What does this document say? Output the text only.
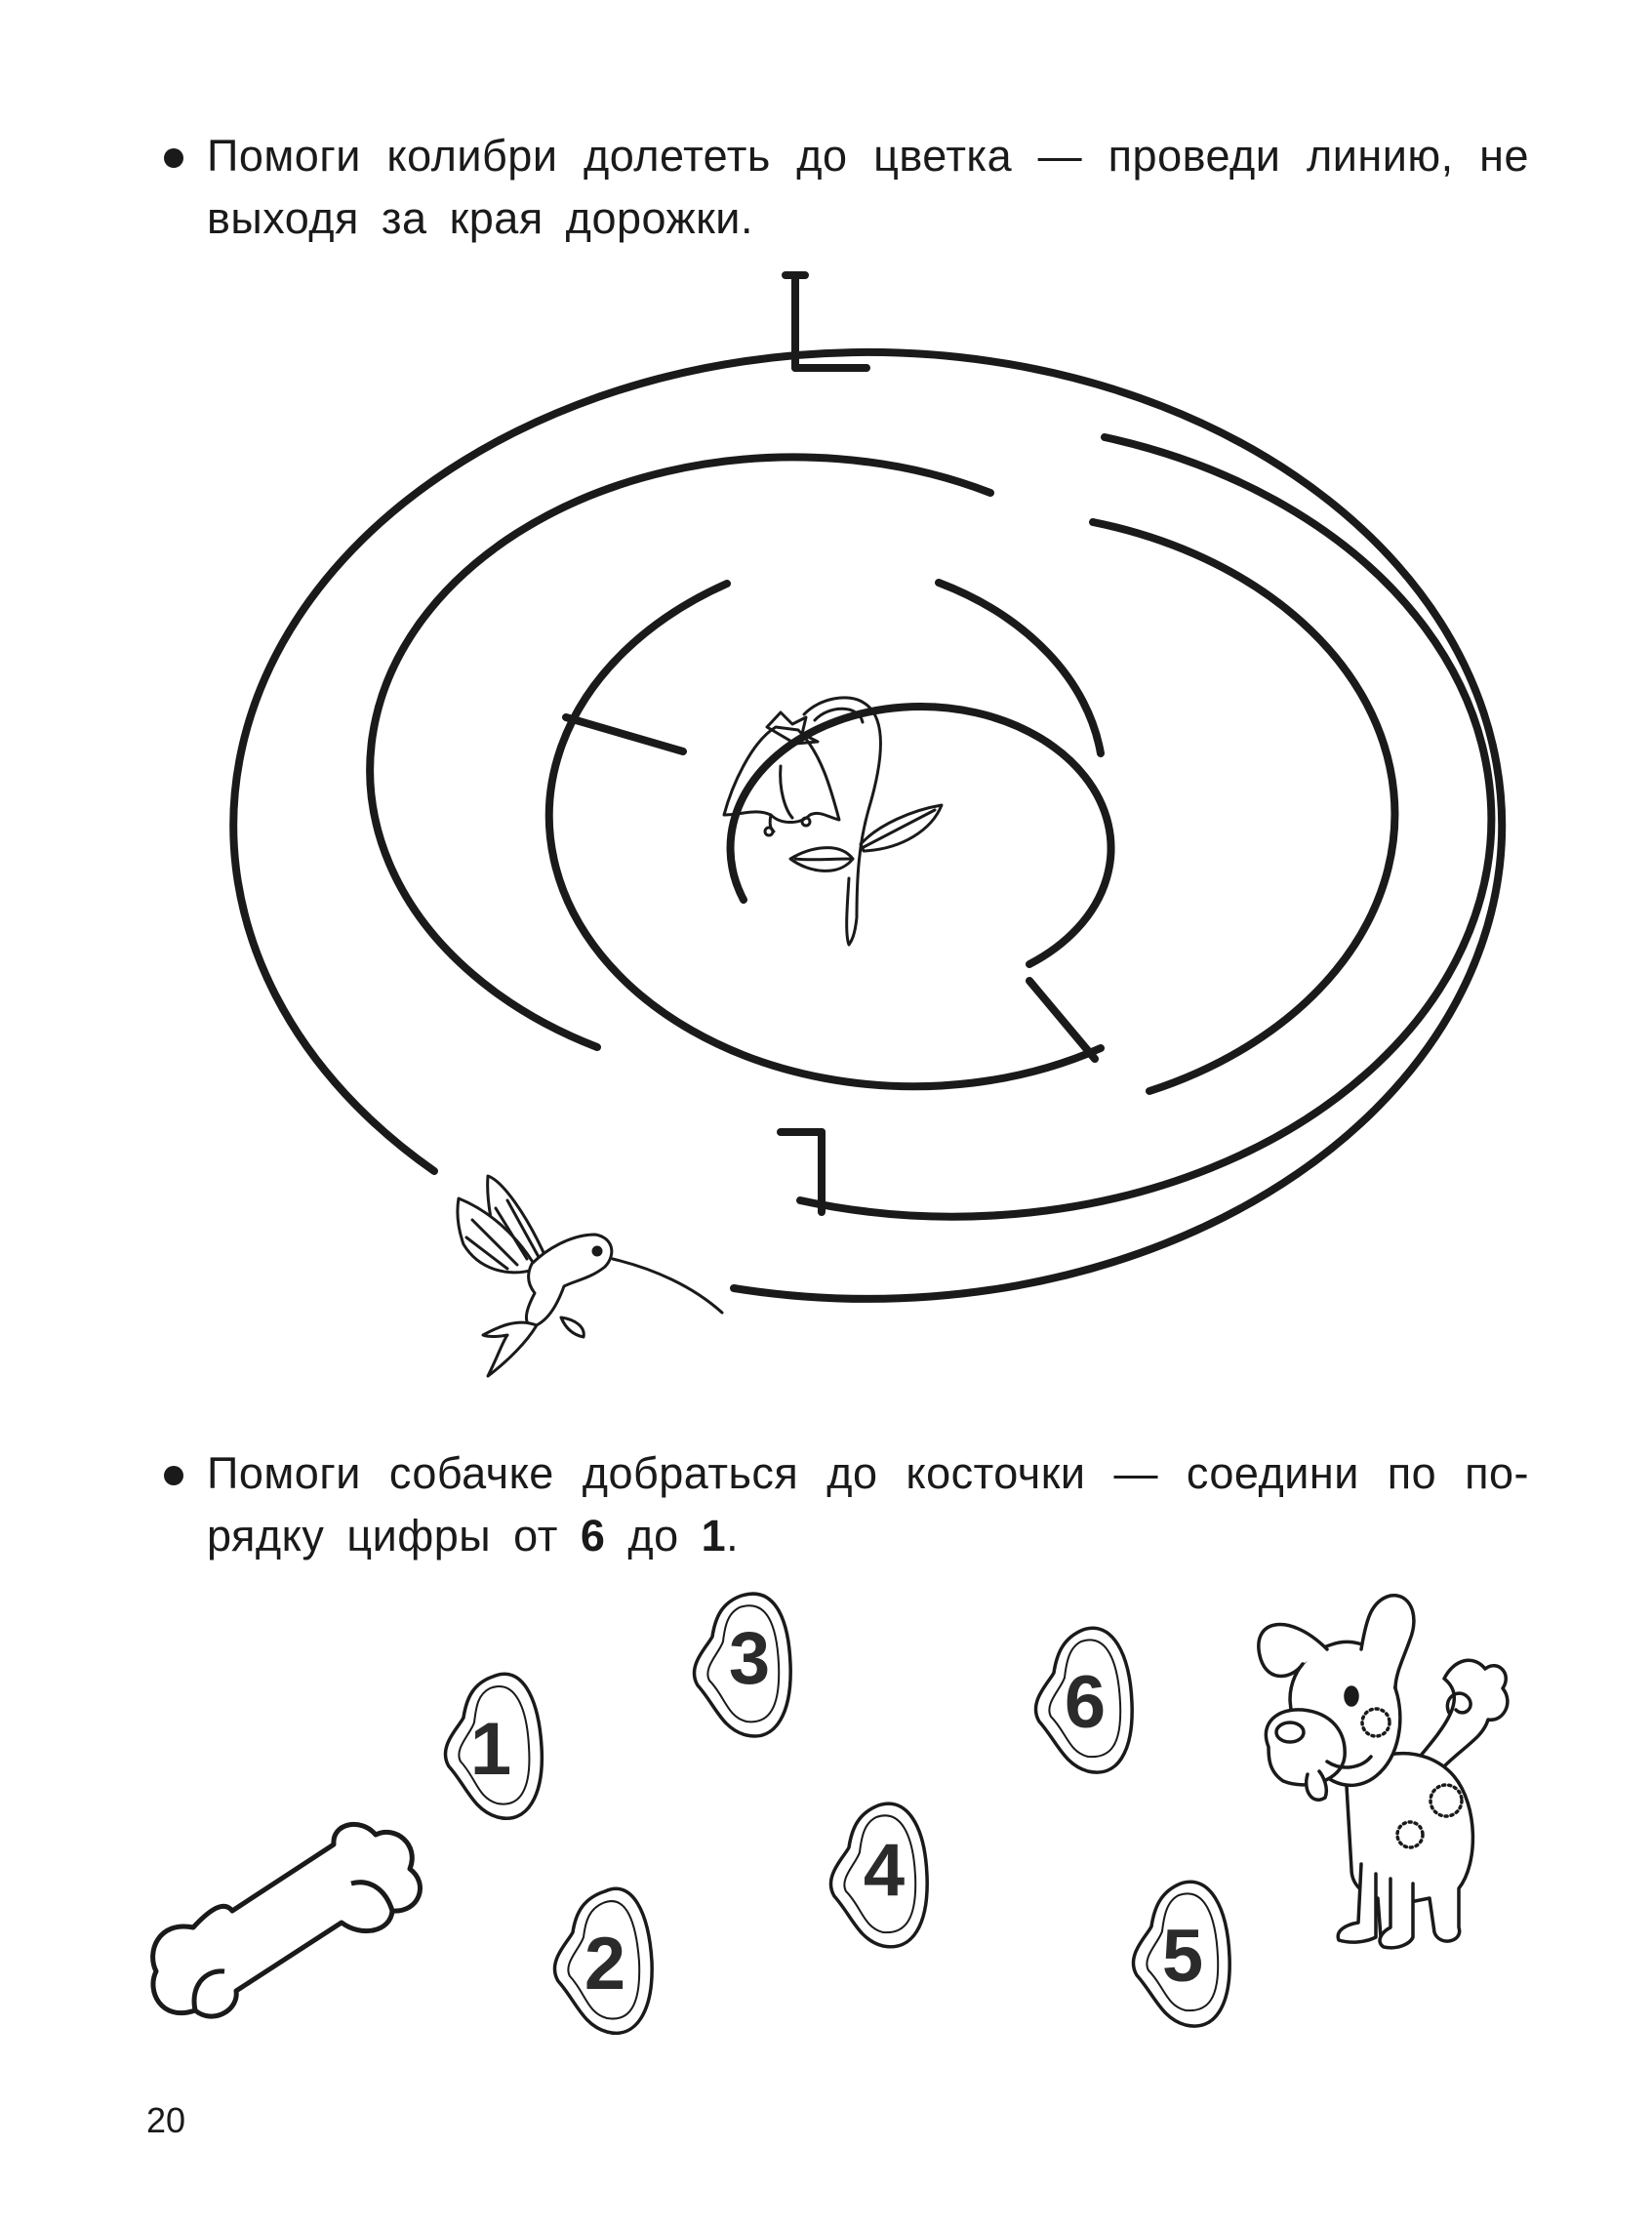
Помоги колибри долететь до цветка — проведи линию, не
выходя за края дорожки.
1
2
3
4
5
6
Помоги собачке добраться до косточки — соедини по по-
рядку цифры от 6 до 1.
20
